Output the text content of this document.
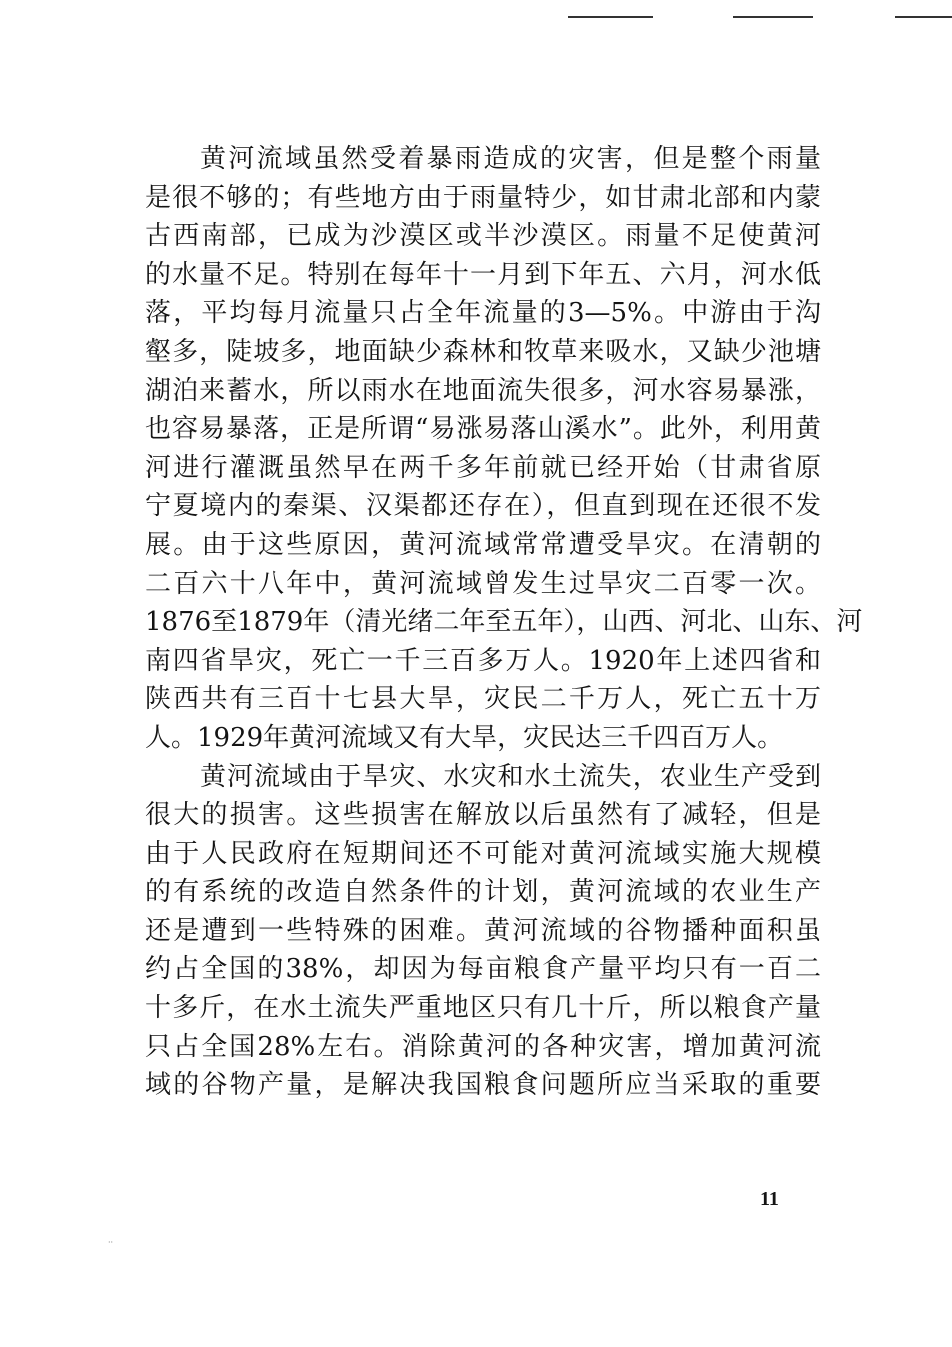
黄河流域虽然受着暴雨造成的灾害，但是整个雨量
是很不够的；有些地方由于雨量特少，如甘肃北部和内蒙
古西南部，已成为沙漠区或半沙漠区。雨量不足使黄河
的水量不足。特别在每年十一月到下年五、六月，河水低
落，平均每月流量只占全年流量的3—5%。中游由于沟
壑多，陡坡多，地面缺少森林和牧草来吸水，又缺少池塘
湖泊来蓄水，所以雨水在地面流失很多，河水容易暴涨，
也容易暴落，正是所谓“易涨易落山溪水”。此外，利用黄
河进行灌溉虽然早在两千多年前就已经开始（甘肃省原
宁夏境内的秦渠、汉渠都还存在），但直到现在还很不发
展。由于这些原因，黄河流域常常遭受旱灾。在清朝的
二百六十八年中，黄河流域曾发生过旱灾二百零一次。
1876至1879年（清光绪二年至五年），山西、河北、山东、河
南四省旱灾，死亡一千三百多万人。1920年上述四省和
陕西共有三百十七县大旱，灾民二千万人，死亡五十万
人。1929年黄河流域又有大旱，灾民达三千四百万人。
黄河流域由于旱灾、水灾和水土流失，农业生产受到
很大的损害。这些损害在解放以后虽然有了减轻，但是
由于人民政府在短期间还不可能对黄河流域实施大规模
的有系统的改造自然条件的计划，黄河流域的农业生产
还是遭到一些特殊的困难。黄河流域的谷物播种面积虽
约占全国的38%，却因为每亩粮食产量平均只有一百二
十多斤，在水土流失严重地区只有几十斤，所以粮食产量
只占全国28%左右。消除黄河的各种灾害，增加黄河流
域的谷物产量，是解决我国粮食问题所应当采取的重要
11
··
